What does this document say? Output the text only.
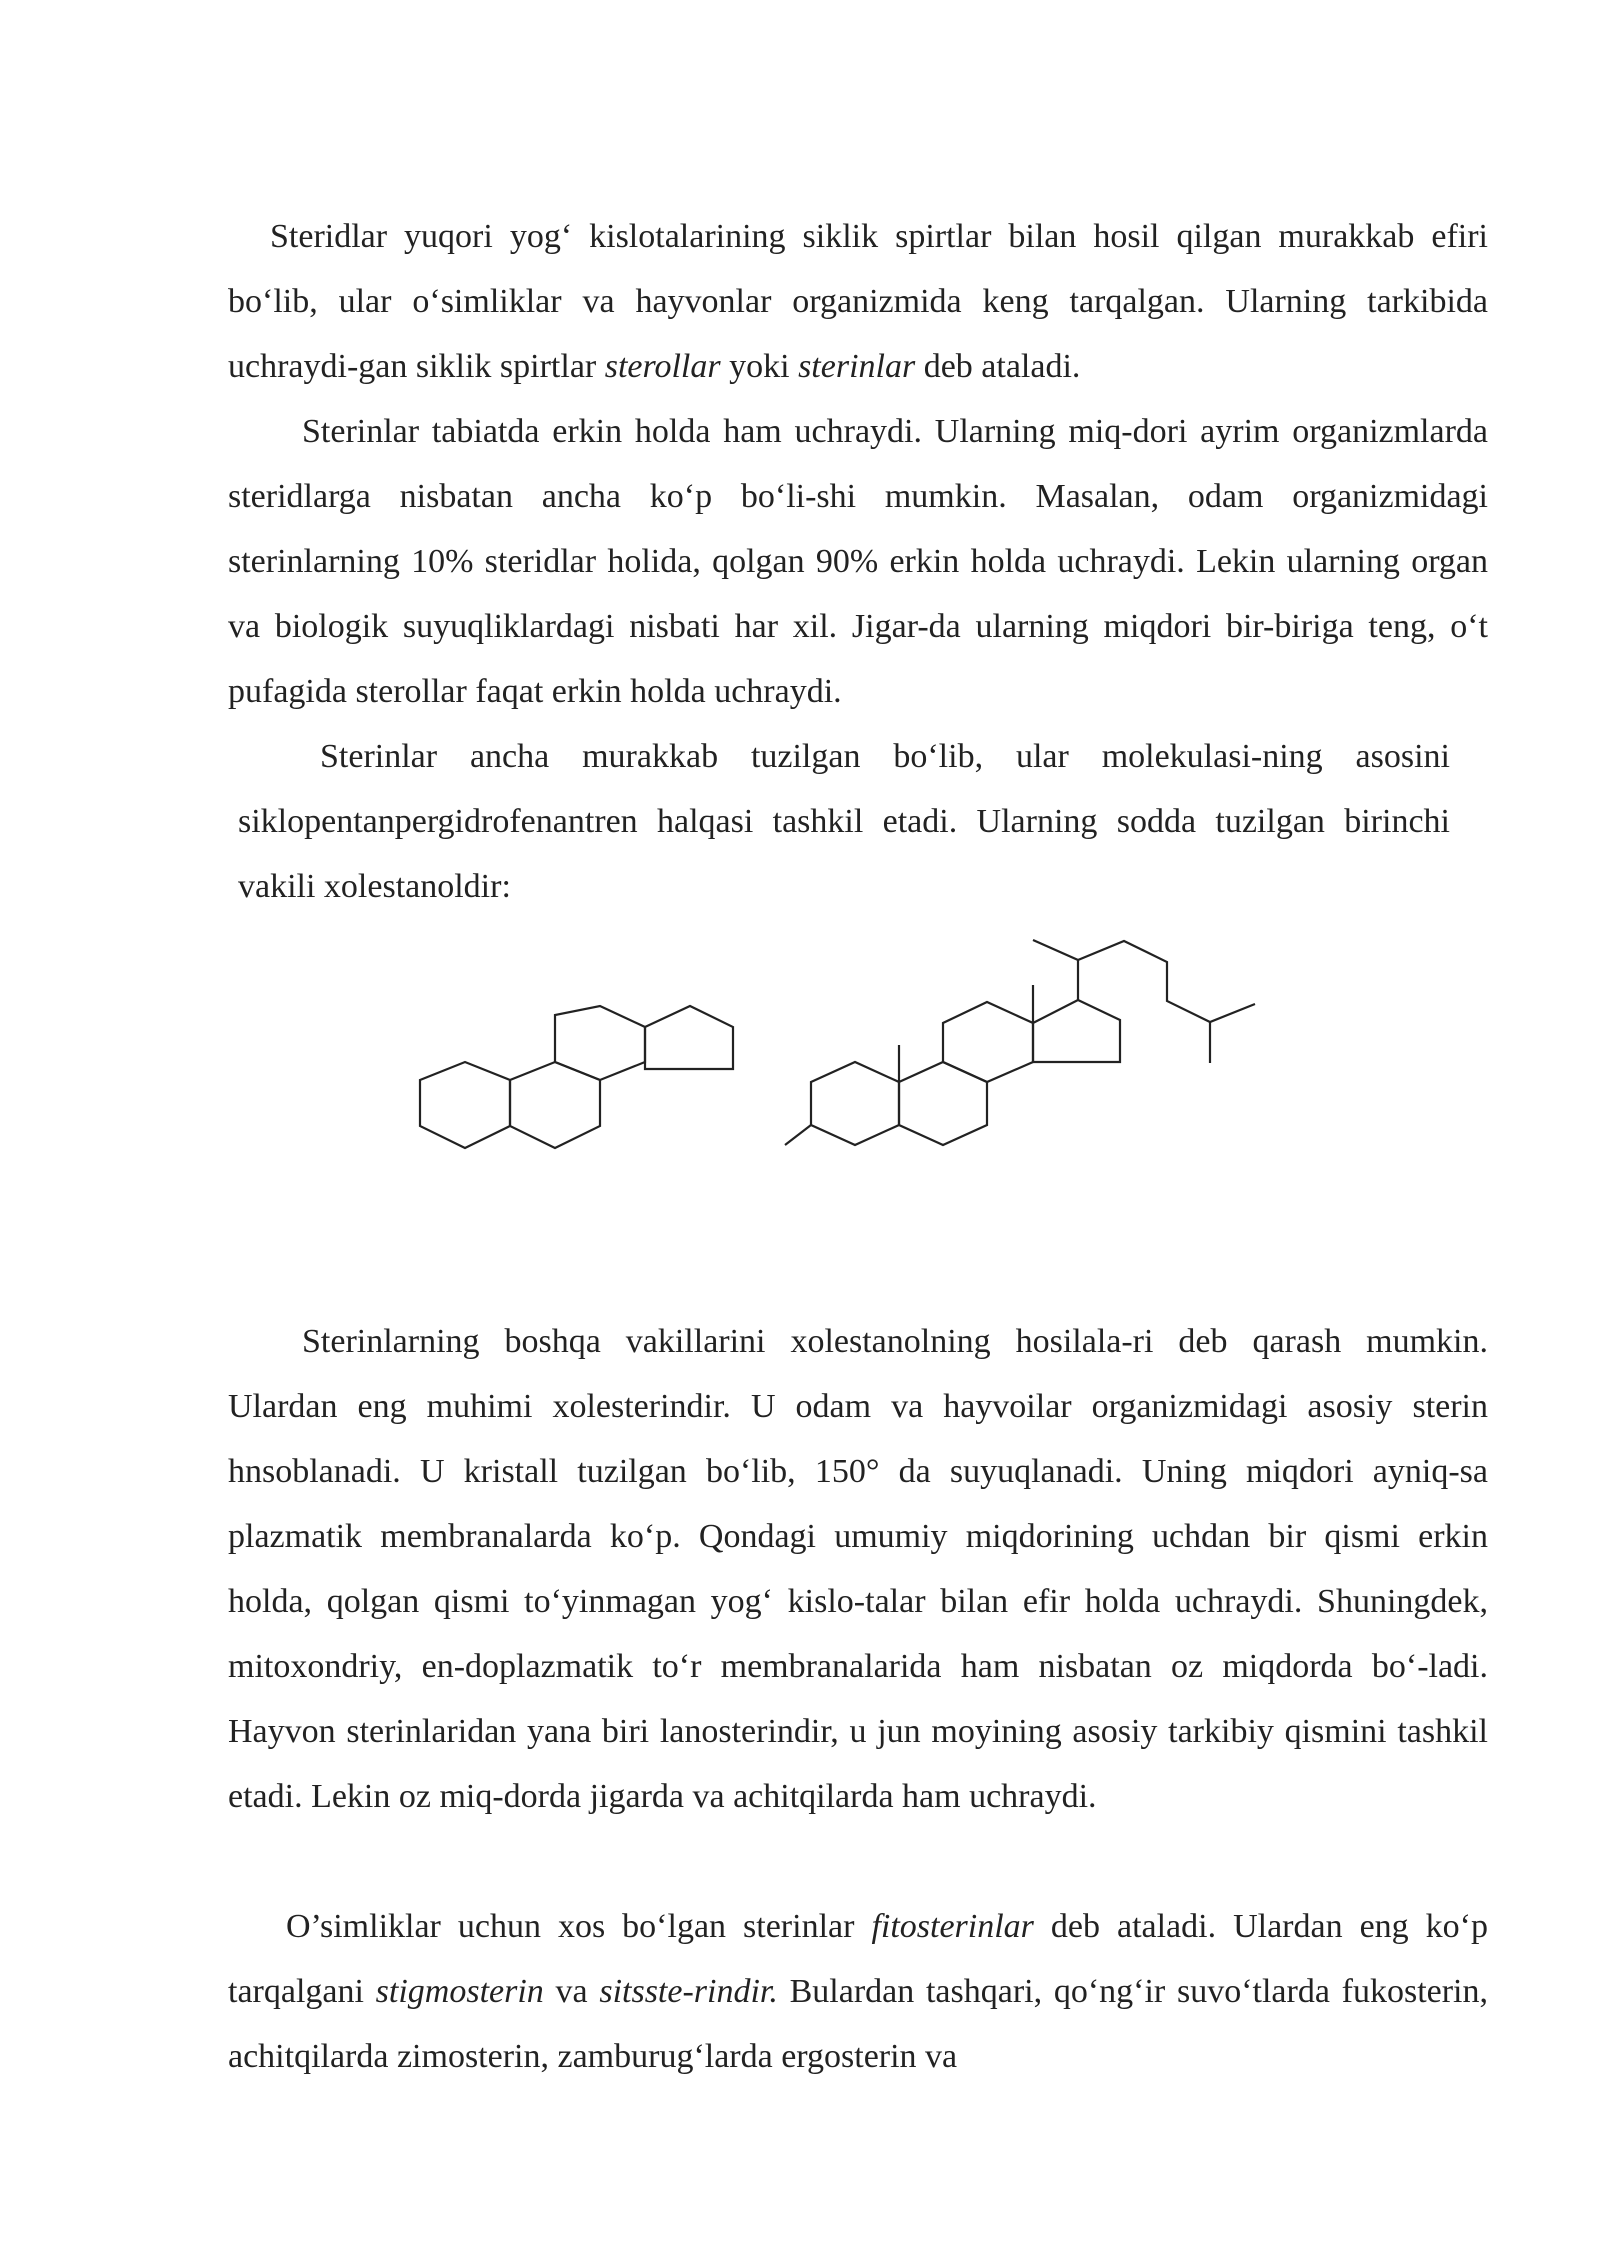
Steridlar yuqori yog‘ kislotalarining siklik spirtlar bilan hosil qilgan murakkab efiri bo‘lib, ular o‘simliklar va hayvonlar organizmida keng tarqalgan. Ularning tarkibida uchraydi-gan siklik spirtlar sterollar yoki sterinlar deb ataladi.

Sterinlar tabiatda erkin holda ham uchraydi. Ularning miq-dori ayrim organizmlarda steridlarga nisbatan ancha ko‘p bo‘li-shi mumkin. Masalan, odam organizmidagi sterinlarning 10% steridlar holida, qolgan 90% erkin holda uchraydi. Lekin ularning organ va biologik suyuqliklardagi nisbati har xil. Jigar-da ularning miqdori bir-biriga teng, o‘t pufagida sterollar faqat erkin holda uchraydi.

Sterinlar ancha murakkab tuzilgan bo‘lib, ular molekulasi-ning asosini siklopentanpergidrofenantren halqasi tashkil etadi. Ularning sodda tuzilgan birinchi vakili xolestanoldir:

Sterinlarning boshqa vakillarini xolestanolning hosilala-ri deb qarash mumkin. Ulardan eng muhimi xolesterindir. U odam va hayvoilar organizmidagi asosiy sterin hnsoblanadi. U kristall tuzilgan bo‘lib, 150° da suyuqlanadi. Uning miqdori ayniq-sa plazmatik membranalarda ko‘p. Qondagi umumiy miqdorining uchdan bir qismi erkin holda, qolgan qismi to‘yinmagan yog‘ kislo-talar bilan efir holda uchraydi. Shuningdek, mitoxondriy, en-doplazmatik to‘r membranalarida ham nisbatan oz miqdorda bo‘-ladi. Hayvon sterinlaridan yana biri lanosterindir, u jun moyining asosiy tarkibiy qismini tashkil etadi. Lekin oz miq-dorda jigarda va achitqilarda ham uchraydi.

O’simliklar uchun xos bo‘lgan sterinlar fitosterinlar deb ataladi. Ulardan eng ko‘p tarqalgani stigmosterin va sitsste-rindir. Bulardan tashqari, qo‘ng‘ir suvo‘tlarda fukosterin, achitqilarda zimosterin, zamburug‘larda ergosterin va
